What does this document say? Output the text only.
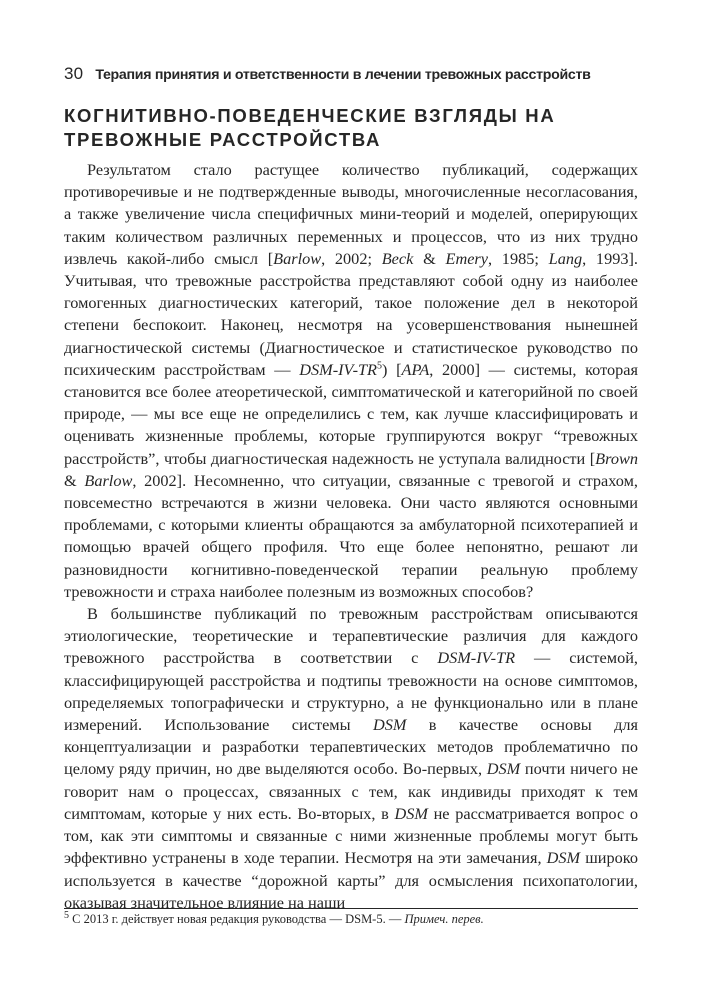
30 Терапия принятия и ответственности в лечении тревожных расстройств
КОГНИТИВНО-ПОВЕДЕНЧЕСКИЕ ВЗГЛЯДЫ НА ТРЕВОЖНЫЕ РАССТРОЙСТВА

Результатом стало растущее количество публикаций, содержащих противоречивые и не подтвержденные выводы, многочисленные несогласования, а также увеличение числа специфичных мини-теорий и моделей, оперирующих таким количеством различных переменных и процессов, что из них трудно извлечь какой-либо смысл [Barlow, 2002; Beck & Emery, 1985; Lang, 1993]. Учитывая, что тревожные расстройства представляют собой одну из наиболее гомогенных диагностических категорий, такое положение дел в некоторой степени беспокоит. Наконец, несмотря на усовершенствования нынешней диагностической системы (Диагностическое и статистическое руководство по психическим расстройствам — DSM-$IV-TR^5$) [APA, 2000] — системы, которая становится все более атеоретической, симптоматической и категорийной по своей природе, — мы все еще не определились с тем, как лучше классифицировать и оценивать жизненные проблемы, которые группируются вокруг “тревожных расстройств”, чтобы диагностическая надежность не уступала валидности [Brown & Barlow, 2002]. Несомненно, что ситуации, связанные с тревогой и страхом, повсеместно встречаются в жизни человека. Они часто являются основными проблемами, с которыми клиенты обращаются за амбулаторной психотерапией и помощью врачей общего профиля. Что еще более непонятно, решают ли разновидности когнитивно-поведенческой терапии реальную проблему тревожности и страха наиболее полезным из возможных способов?

В большинстве публикаций по тревожным расстройствам описываются этиологические, теоретические и терапевтические различия для каждого тревожного расстройства в соответствии с DSM-IV-TR — системой, классифицирующей расстройства и подтипы тревожности на основе симптомов, определяемых топографически и структурно, а не функционально или в плане измерений. Использование системы DSM в качестве основы для концептуализации и разработки терапевтических методов проблематично по целому ряду причин, но две выделяются особо. Во-первых, DSM почти ничего не говорит нам о процессах, связанных с тем, как индивиды приходят к тем симптомам, которые у них есть. Во-вторых, в DSM не рассматривается вопрос о том, как эти симптомы и связанные с ними жизненные проблемы могут быть эффективно устранены в ходе терапии. Несмотря на эти замечания, DSM широко используется в качестве “дорожной карты” для осмысления психопатологии, оказывая значительное влияние на наши

$^5$ С 2013 г. действует новая редакция руководства — DSM-5. — Примеч. перев.
